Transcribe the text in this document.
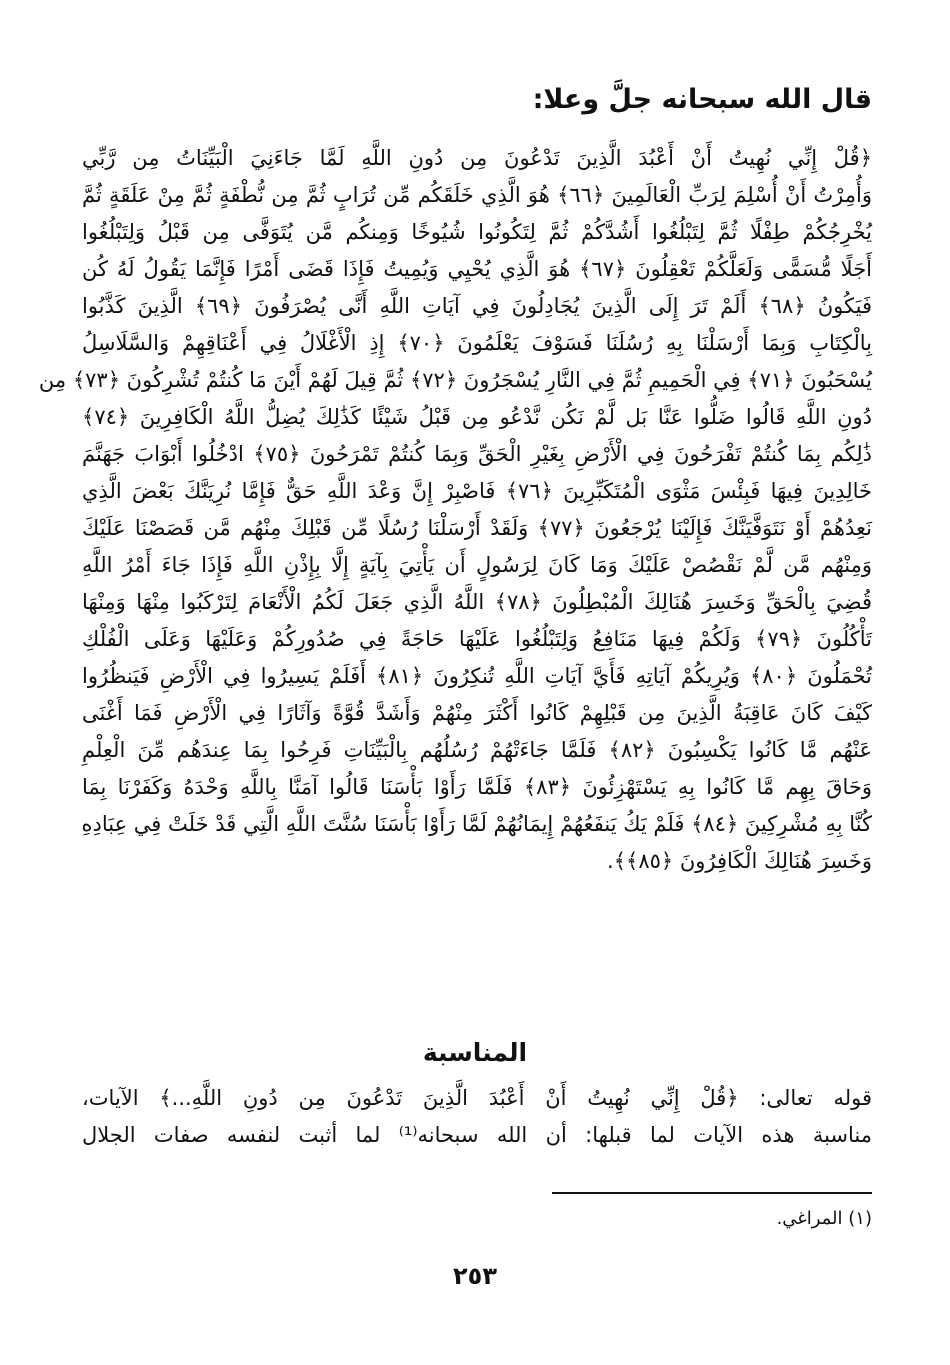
قال الله سبحانه جلَّ وعلا:
﴿قُلْ إِنِّي نُهِيتُ أَنْ أَعْبُدَ الَّذِينَ تَدْعُونَ مِن دُونِ اللَّهِ لَمَّا جَاءَنِيَ الْبَيِّنَاتُ مِن رَّبِّي
وَأُمِرْتُ أَنْ أُسْلِمَ لِرَبِّ الْعَالَمِينَ ﴿٦٦﴾ هُوَ الَّذِي خَلَقَكُم مِّن تُرَابٍ ثُمَّ مِن نُّطْفَةٍ ثُمَّ مِنْ عَلَقَةٍ ثُمَّ
يُخْرِجُكُمْ طِفْلًا ثُمَّ لِتَبْلُغُوا أَشُدَّكُمْ ثُمَّ لِتَكُونُوا شُيُوخًا وَمِنكُم مَّن يُتَوَفَّى مِن قَبْلُ وَلِتَبْلُغُوا
أَجَلًا مُّسَمًّى وَلَعَلَّكُمْ تَعْقِلُونَ ﴿٦٧﴾ هُوَ الَّذِي يُحْيِي وَيُمِيتُ فَإِذَا قَضَى أَمْرًا فَإِنَّمَا يَقُولُ لَهُ كُن
فَيَكُونُ ﴿٦٨﴾ أَلَمْ تَرَ إِلَى الَّذِينَ يُجَادِلُونَ فِي آيَاتِ اللَّهِ أَنَّى يُصْرَفُونَ ﴿٦٩﴾ الَّذِينَ كَذَّبُوا
بِالْكِتَابِ وَبِمَا أَرْسَلْنَا بِهِ رُسُلَنَا فَسَوْفَ يَعْلَمُونَ ﴿٧٠﴾ إِذِ الْأَغْلَالُ فِي أَعْنَاقِهِمْ وَالسَّلَاسِلُ
يُسْحَبُونَ ﴿٧١﴾ فِي الْحَمِيمِ ثُمَّ فِي النَّارِ يُسْجَرُونَ ﴿٧٢﴾ ثُمَّ قِيلَ لَهُمْ أَيْنَ مَا كُنتُمْ تُشْرِكُونَ ﴿٧٣﴾ مِن
دُونِ اللَّهِ قَالُوا ضَلُّوا عَنَّا بَل لَّمْ نَكُن نَّدْعُو مِن قَبْلُ شَيْئًا كَذَٰلِكَ يُضِلُّ اللَّهُ الْكَافِرِينَ ﴿٧٤﴾
ذَٰلِكُم بِمَا كُنتُمْ تَفْرَحُونَ فِي الْأَرْضِ بِغَيْرِ الْحَقِّ وَبِمَا كُنتُمْ تَمْرَحُونَ ﴿٧٥﴾ ادْخُلُوا أَبْوَابَ جَهَنَّمَ
خَالِدِينَ فِيهَا فَبِئْسَ مَثْوَى الْمُتَكَبِّرِينَ ﴿٧٦﴾ فَاصْبِرْ إِنَّ وَعْدَ اللَّهِ حَقٌّ فَإِمَّا نُرِيَنَّكَ بَعْضَ الَّذِي
نَعِدُهُمْ أَوْ نَتَوَفَّيَنَّكَ فَإِلَيْنَا يُرْجَعُونَ ﴿٧٧﴾ وَلَقَدْ أَرْسَلْنَا رُسُلًا مِّن قَبْلِكَ مِنْهُم مَّن قَصَصْنَا عَلَيْكَ
وَمِنْهُم مَّن لَّمْ نَقْصُصْ عَلَيْكَ وَمَا كَانَ لِرَسُولٍ أَن يَأْتِيَ بِآيَةٍ إِلَّا بِإِذْنِ اللَّهِ فَإِذَا جَاءَ أَمْرُ اللَّهِ
قُضِيَ بِالْحَقِّ وَخَسِرَ هُنَالِكَ الْمُبْطِلُونَ ﴿٧٨﴾ اللَّهُ الَّذِي جَعَلَ لَكُمُ الْأَنْعَامَ لِتَرْكَبُوا مِنْهَا وَمِنْهَا
تَأْكُلُونَ ﴿٧٩﴾ وَلَكُمْ فِيهَا مَنَافِعُ وَلِتَبْلُغُوا عَلَيْهَا حَاجَةً فِي صُدُورِكُمْ وَعَلَيْهَا وَعَلَى الْفُلْكِ
تُحْمَلُونَ ﴿٨٠﴾ وَيُرِيكُمْ آيَاتِهِ فَأَيَّ آيَاتِ اللَّهِ تُنكِرُونَ ﴿٨١﴾ أَفَلَمْ يَسِيرُوا فِي الْأَرْضِ فَيَنظُرُوا
كَيْفَ كَانَ عَاقِبَةُ الَّذِينَ مِن قَبْلِهِمْ كَانُوا أَكْثَرَ مِنْهُمْ وَأَشَدَّ قُوَّةً وَآثَارًا فِي الْأَرْضِ فَمَا أَغْنَى
عَنْهُم مَّا كَانُوا يَكْسِبُونَ ﴿٨٢﴾ فَلَمَّا جَاءَتْهُمْ رُسُلُهُم بِالْبَيِّنَاتِ فَرِحُوا بِمَا عِندَهُم مِّنَ الْعِلْمِ
وَحَاقَ بِهِم مَّا كَانُوا بِهِ يَسْتَهْزِئُونَ ﴿٨٣﴾ فَلَمَّا رَأَوْا بَأْسَنَا قَالُوا آمَنَّا بِاللَّهِ وَحْدَهُ وَكَفَرْنَا بِمَا
كُنَّا بِهِ مُشْرِكِينَ ﴿٨٤﴾ فَلَمْ يَكُ يَنفَعُهُمْ إِيمَانُهُمْ لَمَّا رَأَوْا بَأْسَنَا سُنَّتَ اللَّهِ الَّتِي قَدْ خَلَتْ فِي عِبَادِهِ
وَخَسِرَ هُنَالِكَ الْكَافِرُونَ ﴿٨٥﴾﴾.
المناسبة
قوله تعالى: ﴿قُلْ إِنِّي نُهِيتُ أَنْ أَعْبُدَ الَّذِينَ تَدْعُونَ مِن دُونِ اللَّهِ...﴾ الآيات،
مناسبة هذه الآيات لما قبلها: أن الله سبحانه⁽¹⁾ لما أثبت لنفسه صفات الجلال
(١) المراغي.
٢٥٣
